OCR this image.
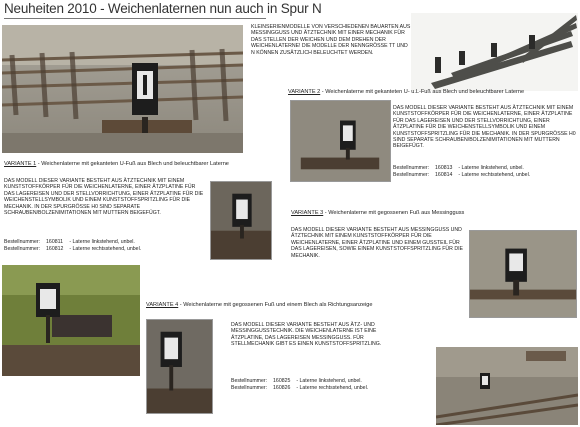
Neuheiten 2010 - Weichenlaternen nun auch in Spur N

KLEINSERIENMODELLE VON VERSCHIEDENEN BAUARTEN AUS MESSINGGUSS UND ÄTZTECHNIK MIT EINER MECHANIK FÜR DAS STELLEN DER WEICHEN UND DEM DREHEN DER WEICHENLATERNE! DIE MODELLE DER NENNGRÖSSE TT UND N KÖNNEN ZUSÄTZLICH BELEUCHTET WERDEN.

VARIANTE 2 - Weichenlaterne mit gekanteten U- u.L-Fuß aus Blech und beleuchtbarer Laterne

DAS MODELL DIESER VARIANTE BESTEHT AUS ÄTZTECHNIK MIT EINEM KUNSTSTOFFKÖRPER FÜR DIE WEICHENLATERNE, EINER ÄTZPLATINE FÜR DAS LAGEREISEN UND DER STELLVORRICHTUNG, EINER ÄTZPLATINE FÜR DIE WEICHENSTELLSYMBOLIK UND EINEM KUNSTSTOFFSPRITZLING FÜR DIE MECHANIK. IN DER SPURGRÖSSE H0 SIND SEPARATE SCHRAUBEN/BOLZENIMITATIONEN MIT MUTTERN BEIGEFÜGT.

Bestellnummer:	160813	- Laterne linkstehend, unbel.
Bestellnummer:	160814	- Laterne rechtsstehend, unbel.
VARIANTE 1 - Weichenlaterne mit gekanteten U-Fuß aus Blech und beleuchtbarer Laterne

DAS MODELL DIESER VARIANTE BESTEHT AUS ÄTZTECHNIK MIT EINEM KUNSTSTOFFKÖRPER FÜR DIE WEICHENLATERNE, EINER ÄTZPLATINE FÜR DAS LAGEREISEN UND DER STELLVORRICHTUNG, EINER ÄTZPLATINE FÜR DIE WEICHENSTELLSYMBOLIK UND EINEM KUNSTSTOFFSPRITZLING FÜR DIE MECHANIK. IN DER SPURGRÖSSE H0 SIND SEPARATE SCHRAUBEN/BOLZENIMITATIONEN MIT MUTTERN BEIGEFÜGT.

Bestellnummer:	160811	- Laterne linkstehend, unbel.
Bestellnummer:	160812	- Laterne rechtsstehend, unbel.
VARIANTE 3 - Weichenlaterne mit gegossenen Fuß aus Messingguss

DAS MODELL DIESER VARIANTE BESTEHT AUS MESSINGGUSS UND ÄTZTECHNIK MIT EINEM KUNSTSTOFFKÖRPER FÜR DIE WEICHENLATERNE, EINER ÄTZPLATINE UND EINEM GUSSTEIL FÜR DAS LAGEREISEN, SOWIE EINEM KUNSTSTOFFSPRITZLING FÜR DIE MECHANIK.

VARIANTE 4 - Weichenlaterne mit gegossenen Fuß und einem Blech als Richtungsanzeige

DAS MODELL DIESER VARIANTE BESTEHT AUS ÄTZ- UND MESSINGGUSSTECHNIK. DIE WEICHENLATERNE IST EINE ÄTZPLATINE, DAS LAGEREISEN MESSINGGUSS. FÜR STELLMECHANIK GIBT ES EINEN KUNSTSTOFFSPRITZLING.

Bestellnummer:	160825	- Laterne linkstehend, unbel.
Bestellnummer:	160826	- Laterne rechtsstehend, unbel.
